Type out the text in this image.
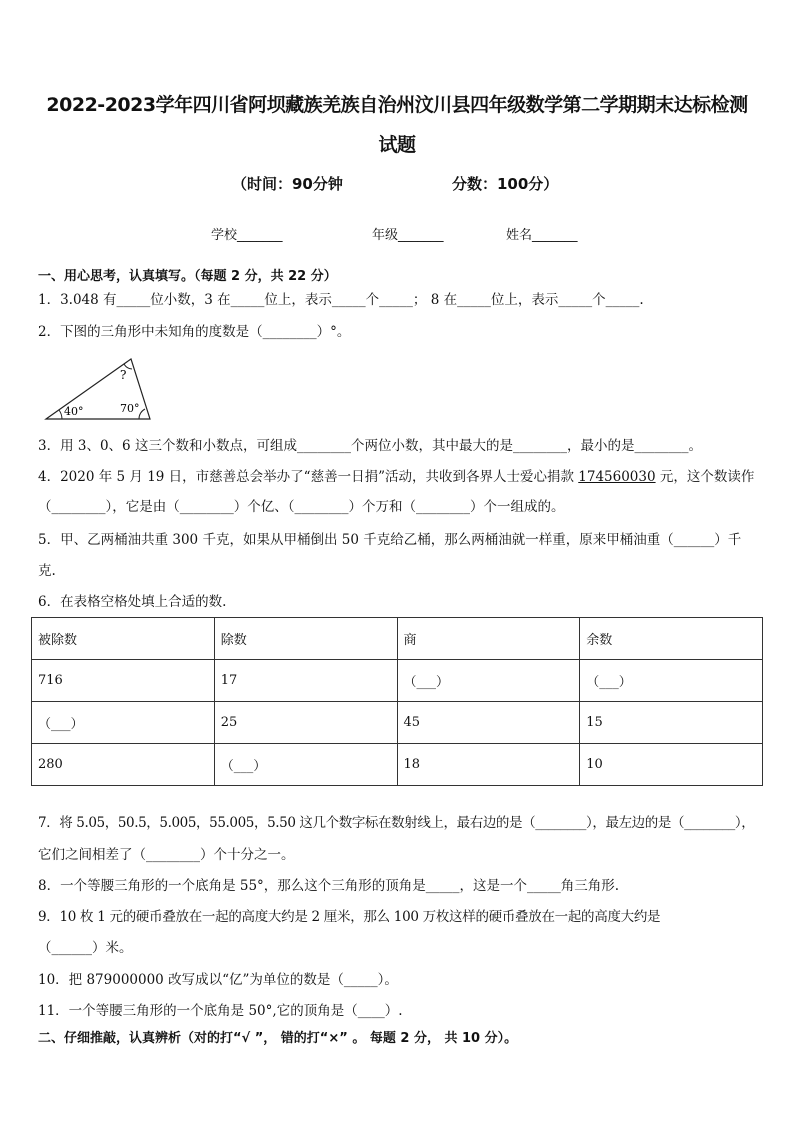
2022-2023学年四川省阿坝藏族羌族自治州汶川县四年级数学第二学期期末达标检测
试题
（时间：90分钟	分数：100分）
学校_______	年级_______	姓名_______
一、用心思考，认真填写。（每题 2 分，共 22 分）
1．3.048 有_____位小数，3 在_____位上，表示_____个_____； 8 在_____位上，表示_____个_____.
2．下图的三角形中未知角的度数是（________）°。
?
40°	70°
3．用 3、0、6 这三个数和小数点，可组成________个两位小数，其中最大的是________，最小的是________。
4．2020 年 5 月 19 日，市慈善总会举办了“慈善一日捐”活动，共收到各界人士爱心捐款 174560030 元，这个数读作
（________），它是由（________）个亿、（________）个万和（________）个一组成的。
5．甲、乙两桶油共重 300 千克，如果从甲桶倒出 50 千克给乙桶，那么两桶油就一样重，原来甲桶油重（______）千
克.
6．在表格空格处填上合适的数.
被除数	除数	商	余数
716	17	（___）	（___）
（___）	25	45	15
280	（___）	18	10
7．将 5.05，50.5，5.005，55.005，5.50 这几个数字标在数射线上，最右边的是（________），最左边的是（________），
它们之间相差了（________）个十分之一。
8．一个等腰三角形的一个底角是 55°，那么这个三角形的顶角是_____，这是一个_____角三角形.
9．10 枚 1 元的硬币叠放在一起的高度大约是 2 厘米，那么 100 万枚这样的硬币叠放在一起的高度大约是
（______）米。
10．把 879000000 改写成以“亿”为单位的数是（_____）。
11．一个等腰三角形的一个底角是 50°,它的顶角是（____）.
二、仔细推敲，认真辨析（对的打“√ ”， 错的打“×” 。 每题 2 分， 共 10 分）。
